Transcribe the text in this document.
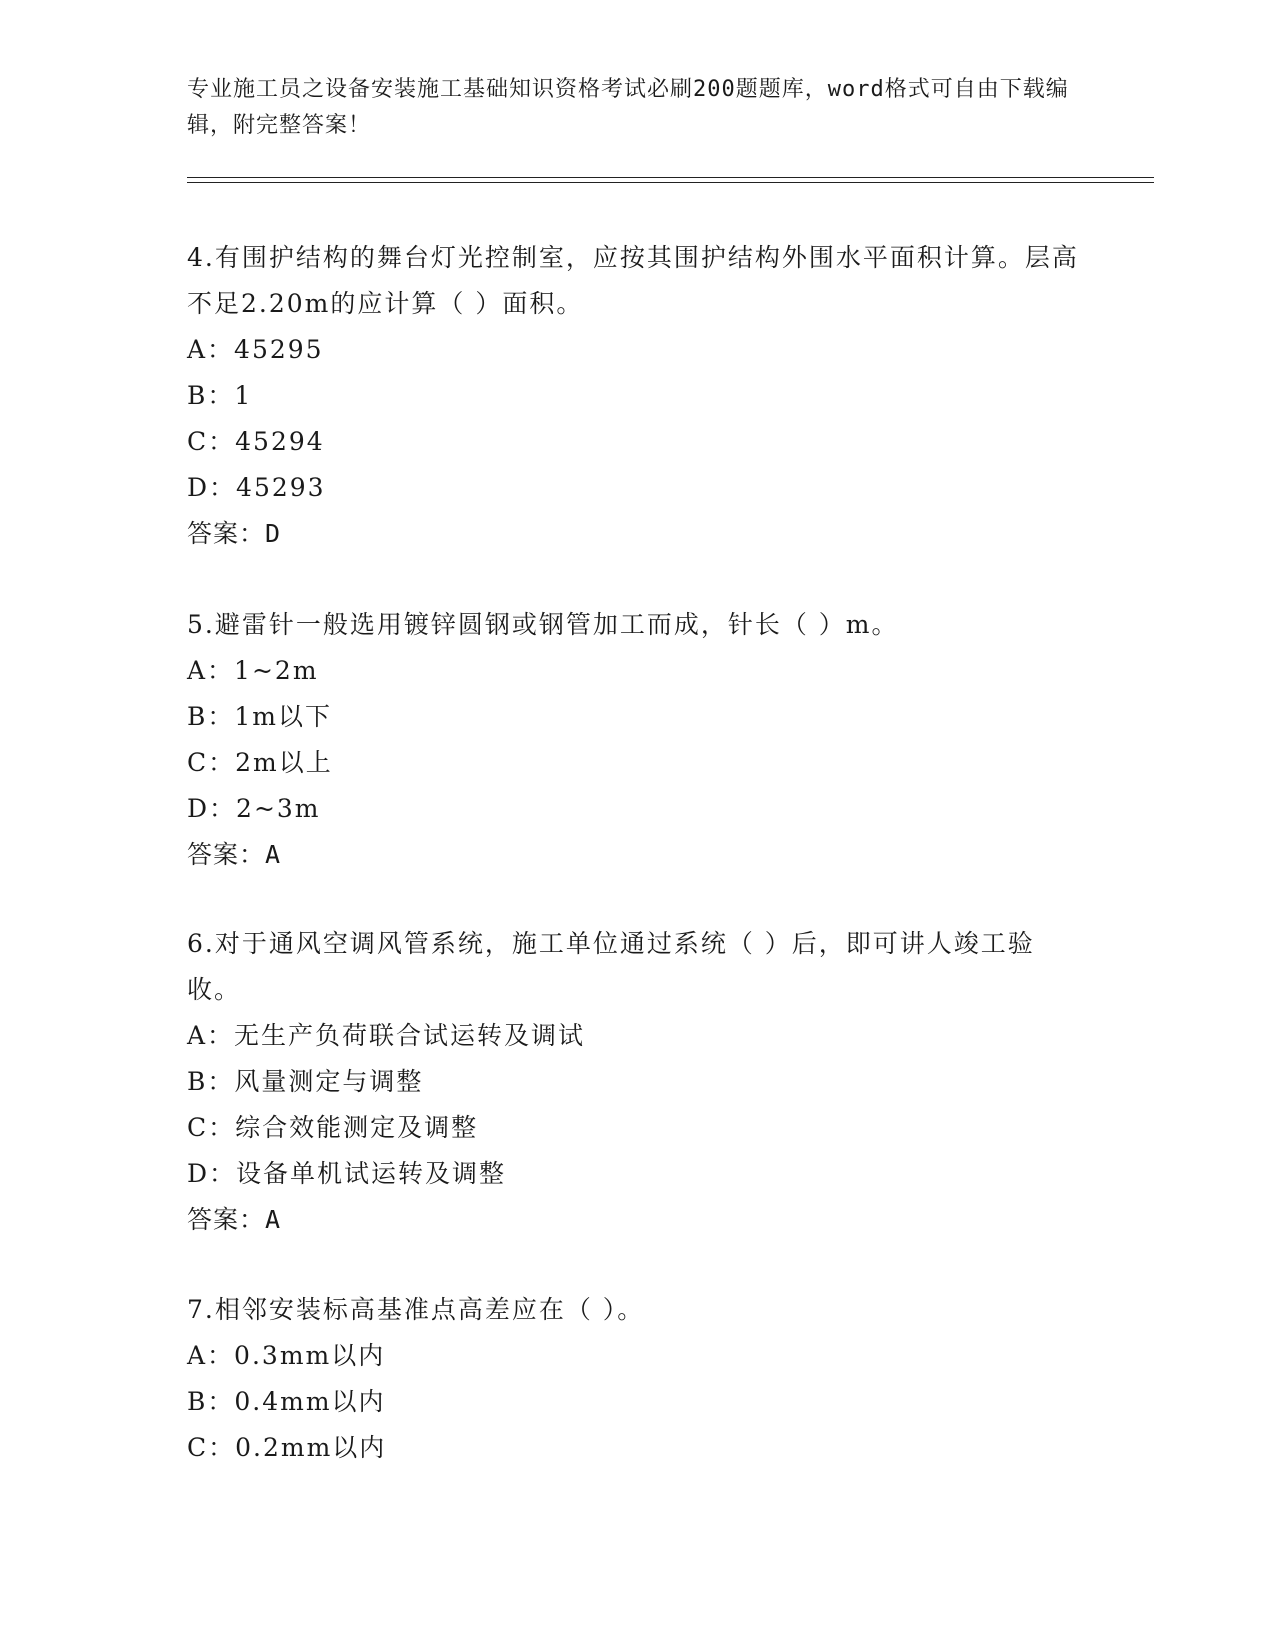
专业施工员之设备安装施工基础知识资格考试必刷200题题库，word格式可自由下载编辑，附完整答案！
4.有围护结构的舞台灯光控制室，应按其围护结构外围水平面积计算。层高不足2.20m的应计算（ ）面积。
A：45295
B：1
C：45294
D：45293
答案：D
5.避雷针一般选用镀锌圆钢或钢管加工而成，针长（ ）m。
A：1~2m
B：1m以下
C：2m以上
D：2~3m
答案：A
6.对于通风空调风管系统，施工单位通过系统（ ）后，即可讲人竣工验收。
A：无生产负荷联合试运转及调试
B：风量测定与调整
C：综合效能测定及调整
D：设备单机试运转及调整
答案：A
7.相邻安装标高基准点高差应在（ ）。
A：0.3mm以内
B：0.4mm以内
C：0.2mm以内
